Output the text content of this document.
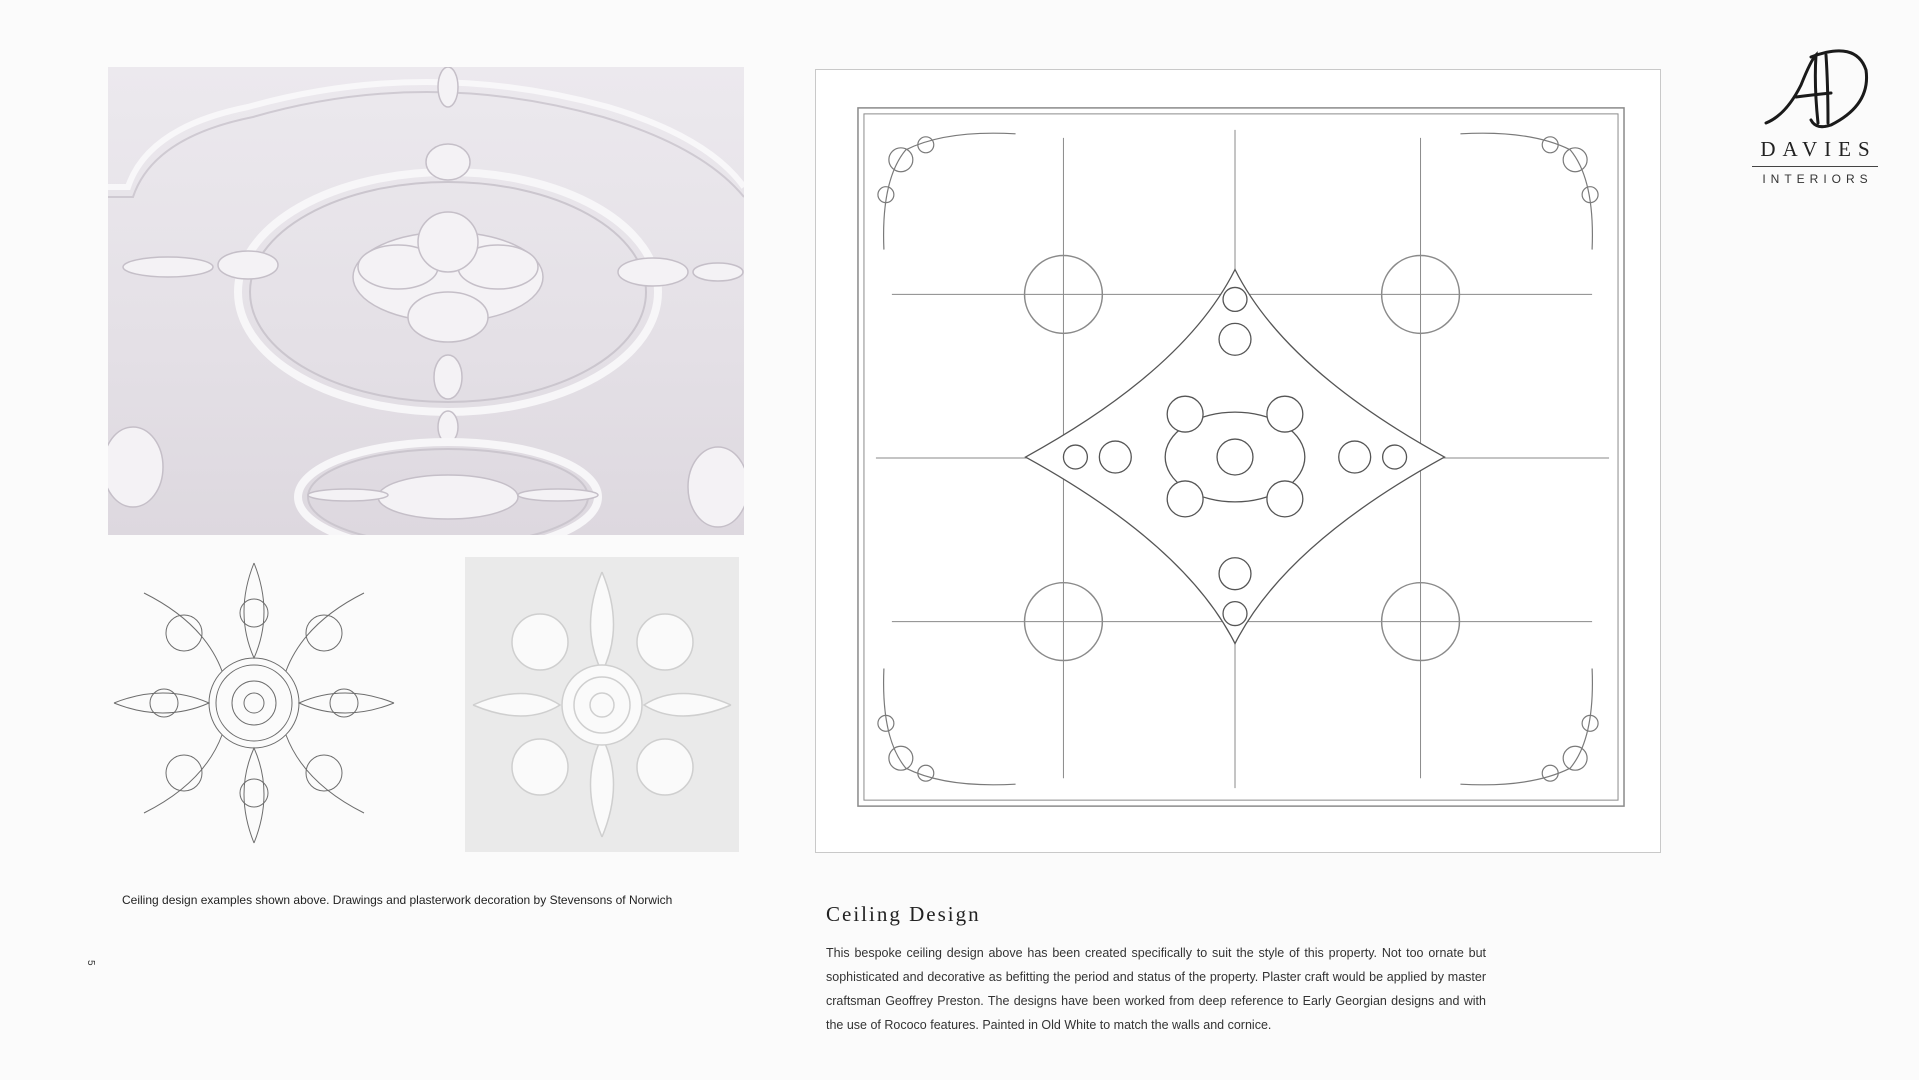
Ceiling design examples shown above. Drawings and plasterwork decoration by Stevensons of Norwich
5
DAVIES
INTERIORS
Ceiling Design
This bespoke ceiling design above has been created specifically to suit the style of this property. Not too ornate but sophisticated and decorative as befitting the period and status of the property. Plaster craft would be applied by master craftsman Geoffrey Preston. The designs have been worked from deep reference to Early Georgian designs and with the use of Rococo features. Painted in Old White to match the walls and cornice.
